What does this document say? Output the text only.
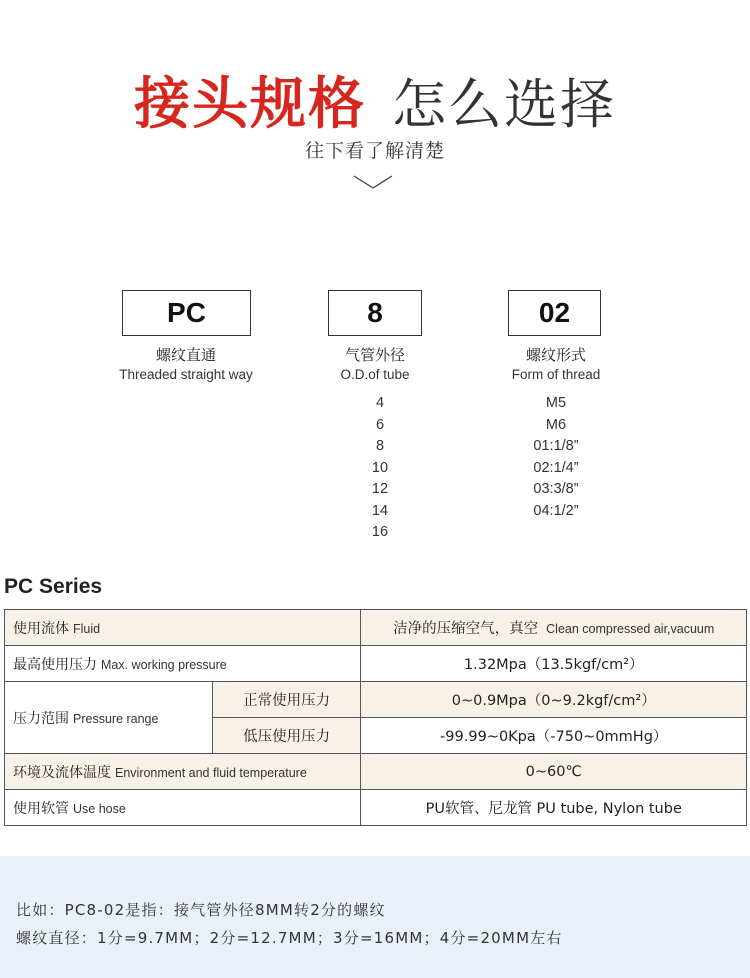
接头规格 怎么选择
往下看了解清楚
PC
螺纹直通
Threaded straight way
8
气管外径
O.D.of tube
4
6
8
10
12
14
16
02
螺纹形式
Form of thread
M5
M6
01:1/8”
02:1/4”
03:3/8”
04:1/2”
PC Series
使用流体 Fluid		洁净的压缩空气，真空 Clean compressed air,vacuum
最高使用压力 Max. working pressure		1.32Mpa（13.5kgf/cm²）
压力范围 Pressure range	正常使用压力	0~0.9Mpa（0~9.2kgf/cm²）
	低压使用压力	-99.99~0Kpa（-750~0mmHg）
环境及流体温度 Environment and fluid temperature		0~60℃
使用软管 Use hose		PU软管、尼龙管 PU tube, Nylon tube
比如：PC8-02是指：接气管外径8MM转2分的螺纹
螺纹直径：1分=9.7MM；2分=12.7MM；3分=16MM；4分=20MM左右
